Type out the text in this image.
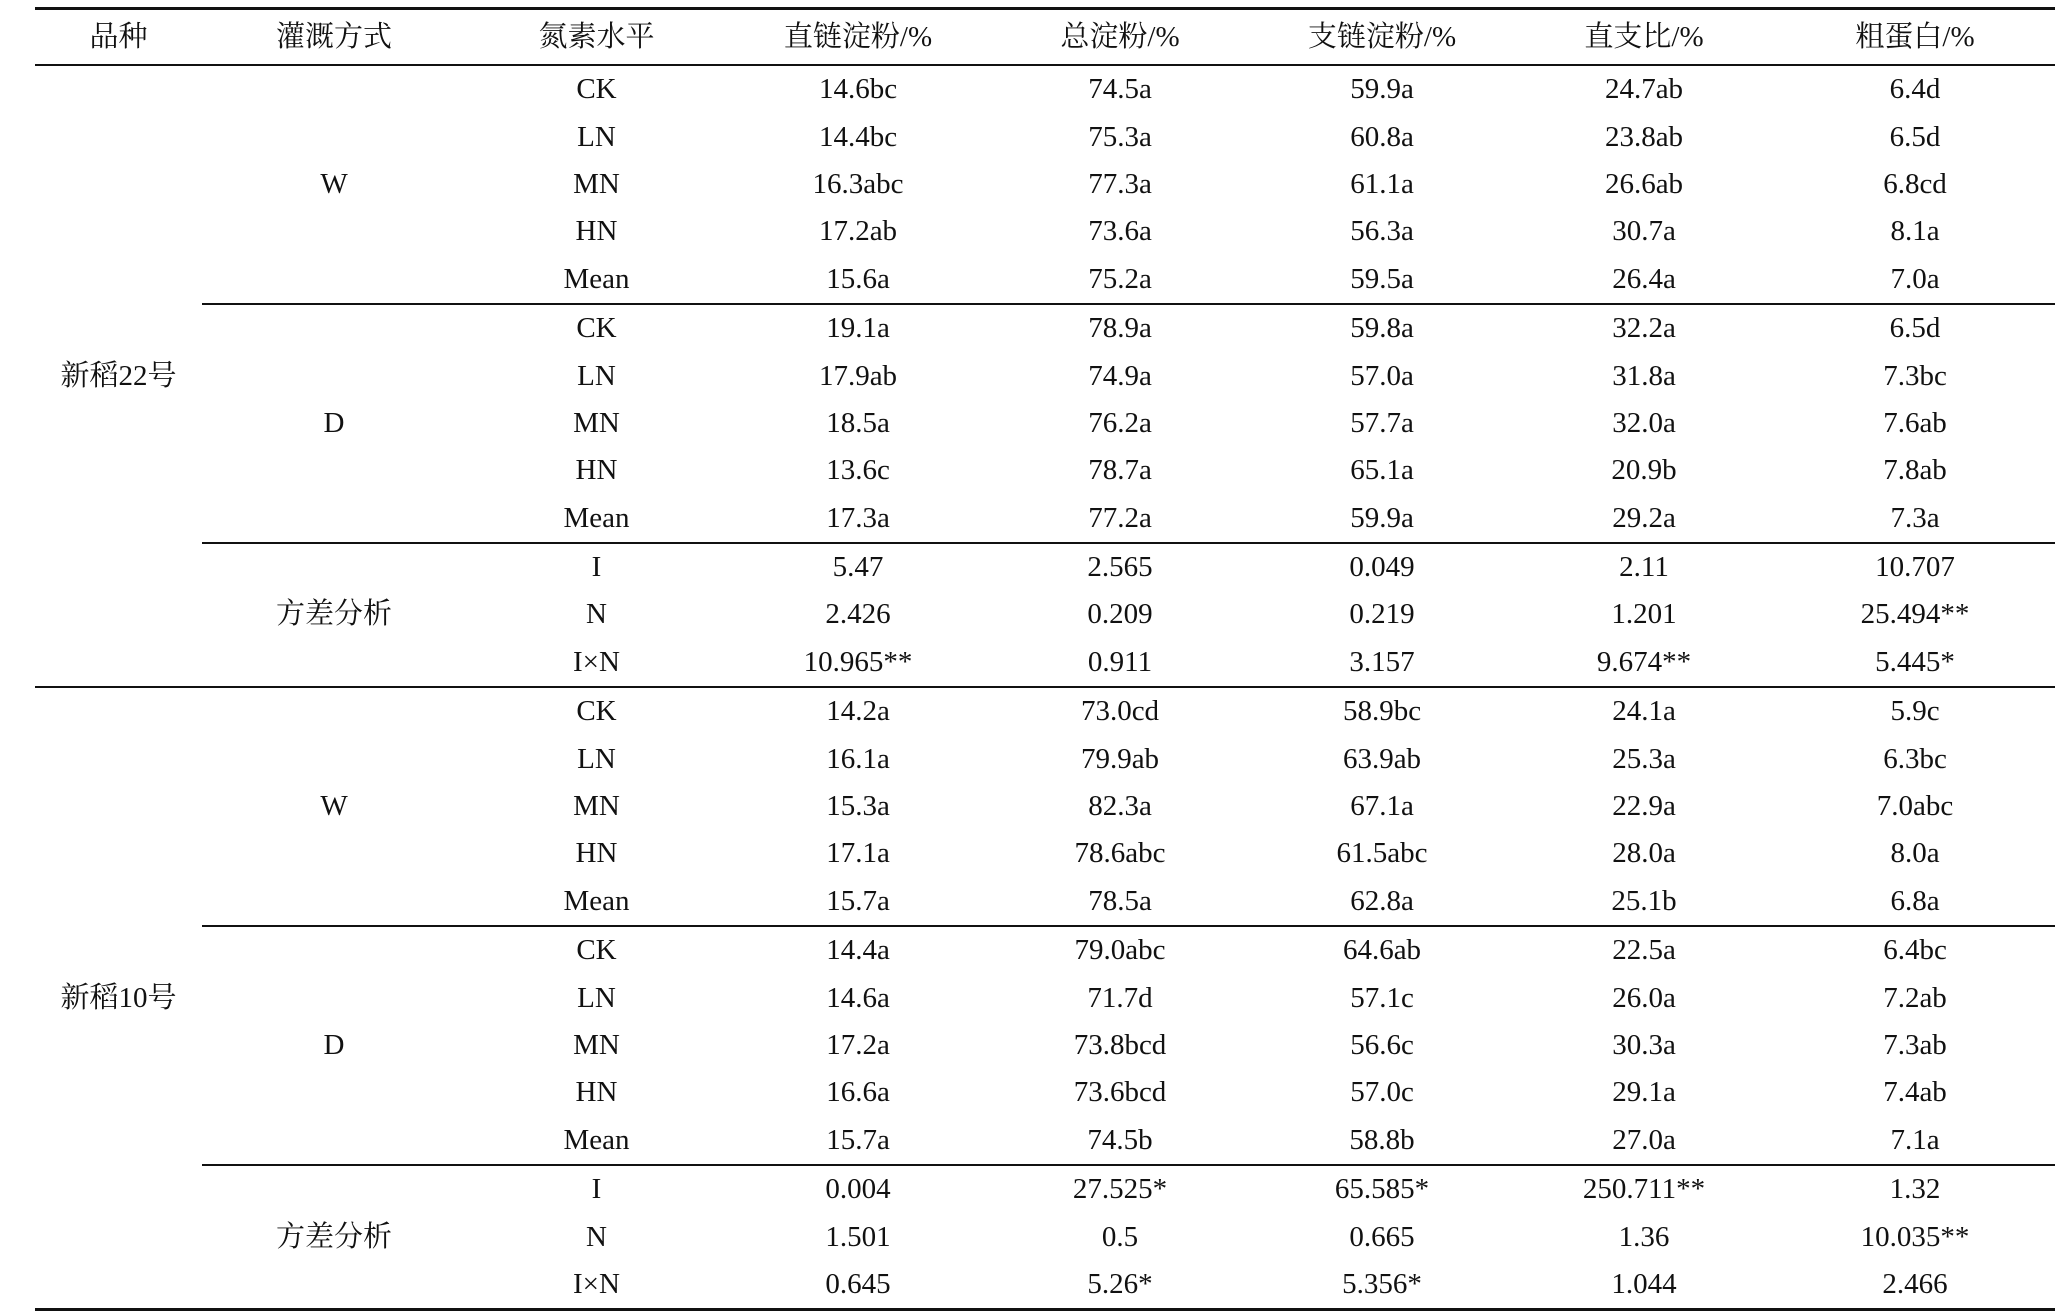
品种	灌溉方式	氮素水平	直链淀粉/%	总淀粉/%	支链淀粉/%	直支比/%	粗蛋白/%
新稻22号	W	CK	14.6bc	74.5a	59.9a	24.7ab	6.4d
		LN	14.4bc	75.3a	60.8a	23.8ab	6.5d
		MN	16.3abc	77.3a	61.1a	26.6ab	6.8cd
		HN	17.2ab	73.6a	56.3a	30.7a	8.1a
		Mean	15.6a	75.2a	59.5a	26.4a	7.0a
	D	CK	19.1a	78.9a	59.8a	32.2a	6.5d
		LN	17.9ab	74.9a	57.0a	31.8a	7.3bc
		MN	18.5a	76.2a	57.7a	32.0a	7.6ab
		HN	13.6c	78.7a	65.1a	20.9b	7.8ab
		Mean	17.3a	77.2a	59.9a	29.2a	7.3a
	方差分析	I	5.47	2.565	0.049	2.11	10.707
		N	2.426	0.209	0.219	1.201	25.494**
		I×N	10.965**	0.911	3.157	9.674**	5.445*
新稻10号	W	CK	14.2a	73.0cd	58.9bc	24.1a	5.9c
		LN	16.1a	79.9ab	63.9ab	25.3a	6.3bc
		MN	15.3a	82.3a	67.1a	22.9a	7.0abc
		HN	17.1a	78.6abc	61.5abc	28.0a	8.0a
		Mean	15.7a	78.5a	62.8a	25.1b	6.8a
	D	CK	14.4a	79.0abc	64.6ab	22.5a	6.4bc
		LN	14.6a	71.7d	57.1c	26.0a	7.2ab
		MN	17.2a	73.8bcd	56.6c	30.3a	7.3ab
		HN	16.6a	73.6bcd	57.0c	29.1a	7.4ab
		Mean	15.7a	74.5b	58.8b	27.0a	7.1a
	方差分析	I	0.004	27.525*	65.585*	250.711**	1.32
		N	1.501	0.5	0.665	1.36	10.035**
		I×N	0.645	5.26*	5.356*	1.044	2.466
